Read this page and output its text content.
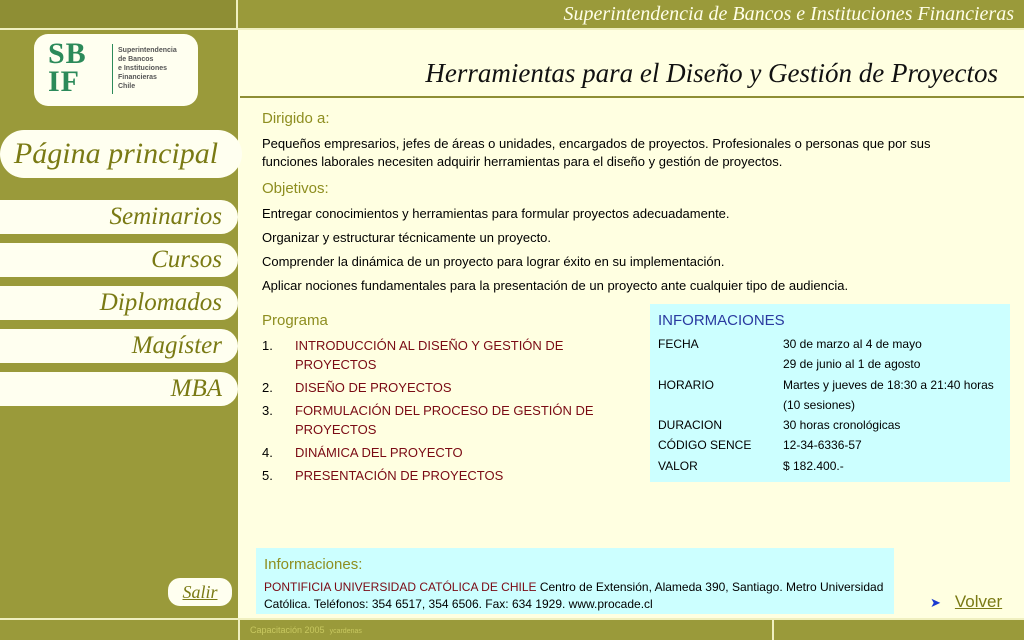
Superintendencia de Bancos e Instituciones Financieras
SB
IF
Superintendencia
de Bancos
e Instituciones
Financieras
Chile
Página principal
Seminarios
Cursos
Diplomados
Magíster
MBA
Salir
Herramientas para el Diseño y Gestión de Proyectos
Dirigido a:
Pequeños empresarios, jefes de áreas o unidades, encargados de proyectos. Profesionales o personas que por sus
funciones laborales necesiten adquirir herramientas para el diseño y gestión de proyectos.
Objetivos:
Entregar conocimientos y herramientas para formular proyectos adecuadamente.
Organizar y estructurar técnicamente un proyecto.
Comprender la dinámica de un proyecto para lograr éxito en su implementación.
Aplicar nociones fundamentales para la presentación de un proyecto ante cualquier tipo de audiencia.
Programa
1. INTRODUCCIÓN AL DISEÑO Y GESTIÓN DE PROYECTOS
2. DISEÑO DE PROYECTOS
3. FORMULACIÓN DEL PROCESO DE GESTIÓN DE PROYECTOS
4. DINÁMICA DEL PROYECTO
5. PRESENTACIÓN DE PROYECTOS
INFORMACIONES
FECHA	30 de marzo al 4 de mayo
29 de junio al 1 de agosto
HORARIO	Martes y jueves de 18:30 a 21:40 horas
(10 sesiones)
DURACION	30 horas cronológicas
CÓDIGO SENCE	12-34-6336-57
VALOR	$ 182.400.-
Informaciones:
PONTIFICIA UNIVERSIDAD CATÓLICA DE CHILE Centro de Extensión, Alameda 390, Santiago. Metro Universidad Católica. Teléfonos: 354 6517, 354 6506. Fax: 634 1929. www.procade.cl	➤ Volver
Capacitación 2005 ycardenas
